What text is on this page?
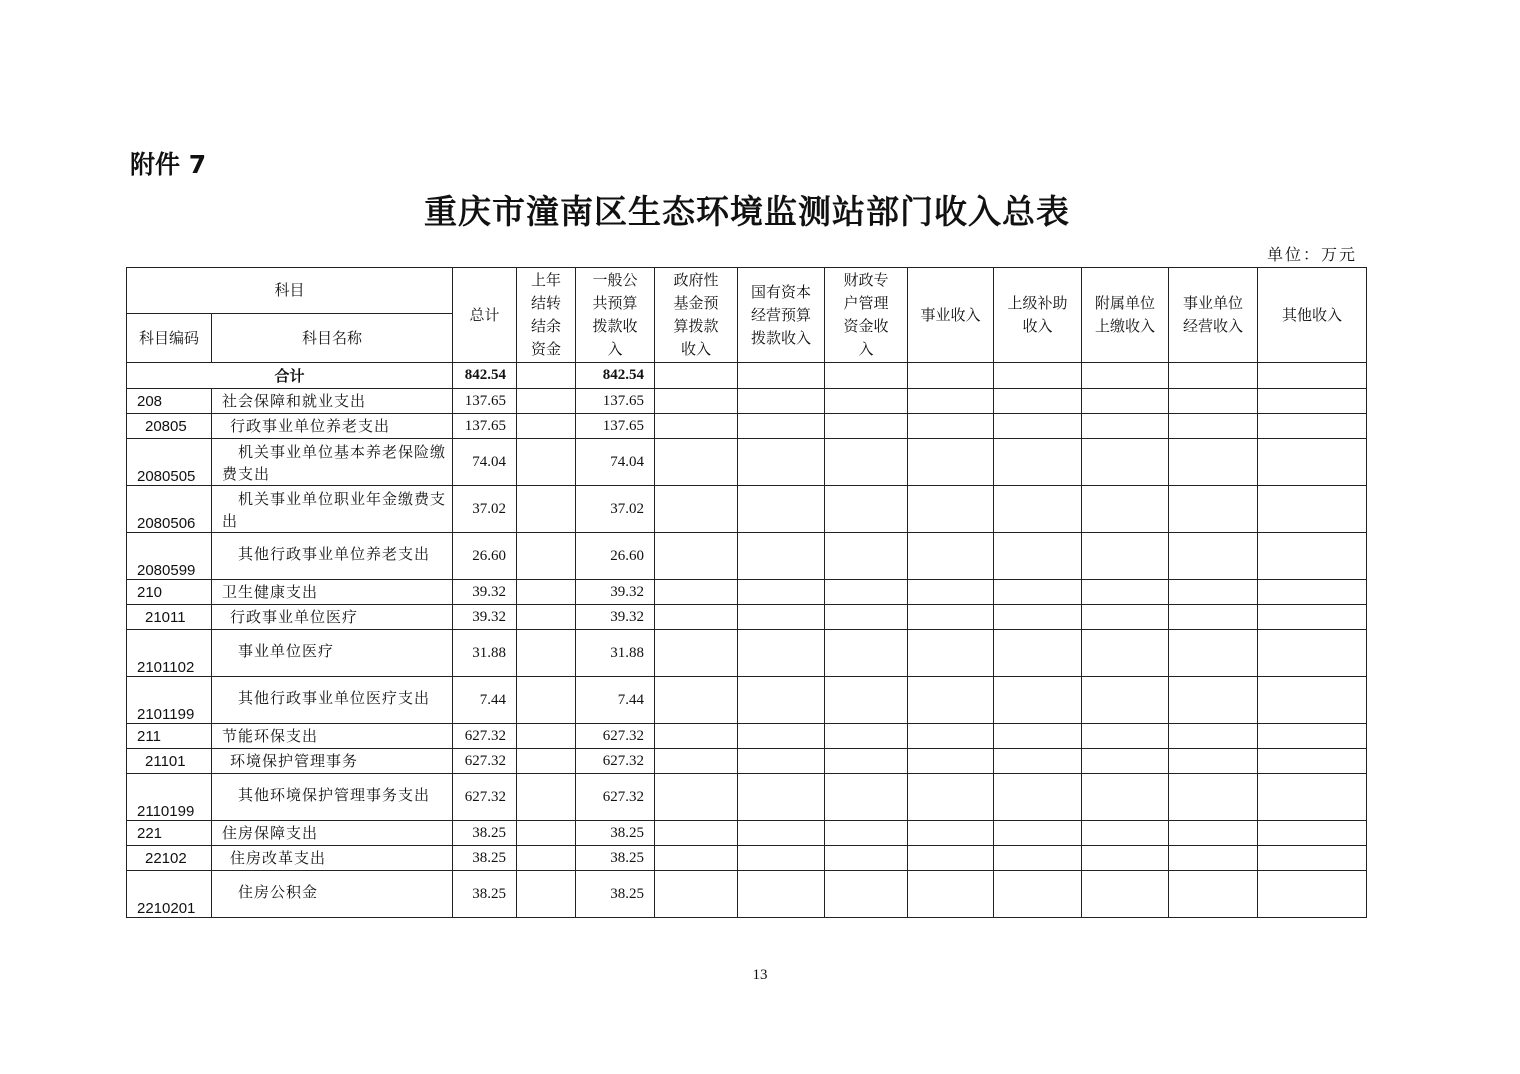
附件 7
重庆市潼南区生态环境监测站部门收入总表
单位：万元
科目		总计	上年结转结余资金	一般公共预算拨款收入	政府性基金预算拨款收入	国有资本经营预算拨款收入	财政专户管理资金收入	事业收入	上级补助收入	附属单位上缴收入	事业单位经营收入	其他收入
科目编码	科目名称											
合计		842.54		842.54								
208	社会保障和就业支出	137.65		137.65								
20805	行政事业单位养老支出	137.65		137.65								
2080505	机关事业单位基本养老保险缴费支出	74.04		74.04								
2080506	机关事业单位职业年金缴费支出	37.02		37.02								
2080599	其他行政事业单位养老支出	26.60		26.60								
210	卫生健康支出	39.32		39.32								
21011	行政事业单位医疗	39.32		39.32								
2101102	事业单位医疗	31.88		31.88								
2101199	其他行政事业单位医疗支出	7.44		7.44								
211	节能环保支出	627.32		627.32								
21101	环境保护管理事务	627.32		627.32								
2110199	其他环境保护管理事务支出	627.32		627.32								
221	住房保障支出	38.25		38.25								
22102	住房改革支出	38.25		38.25								
2210201	住房公积金	38.25		38.25								
13
